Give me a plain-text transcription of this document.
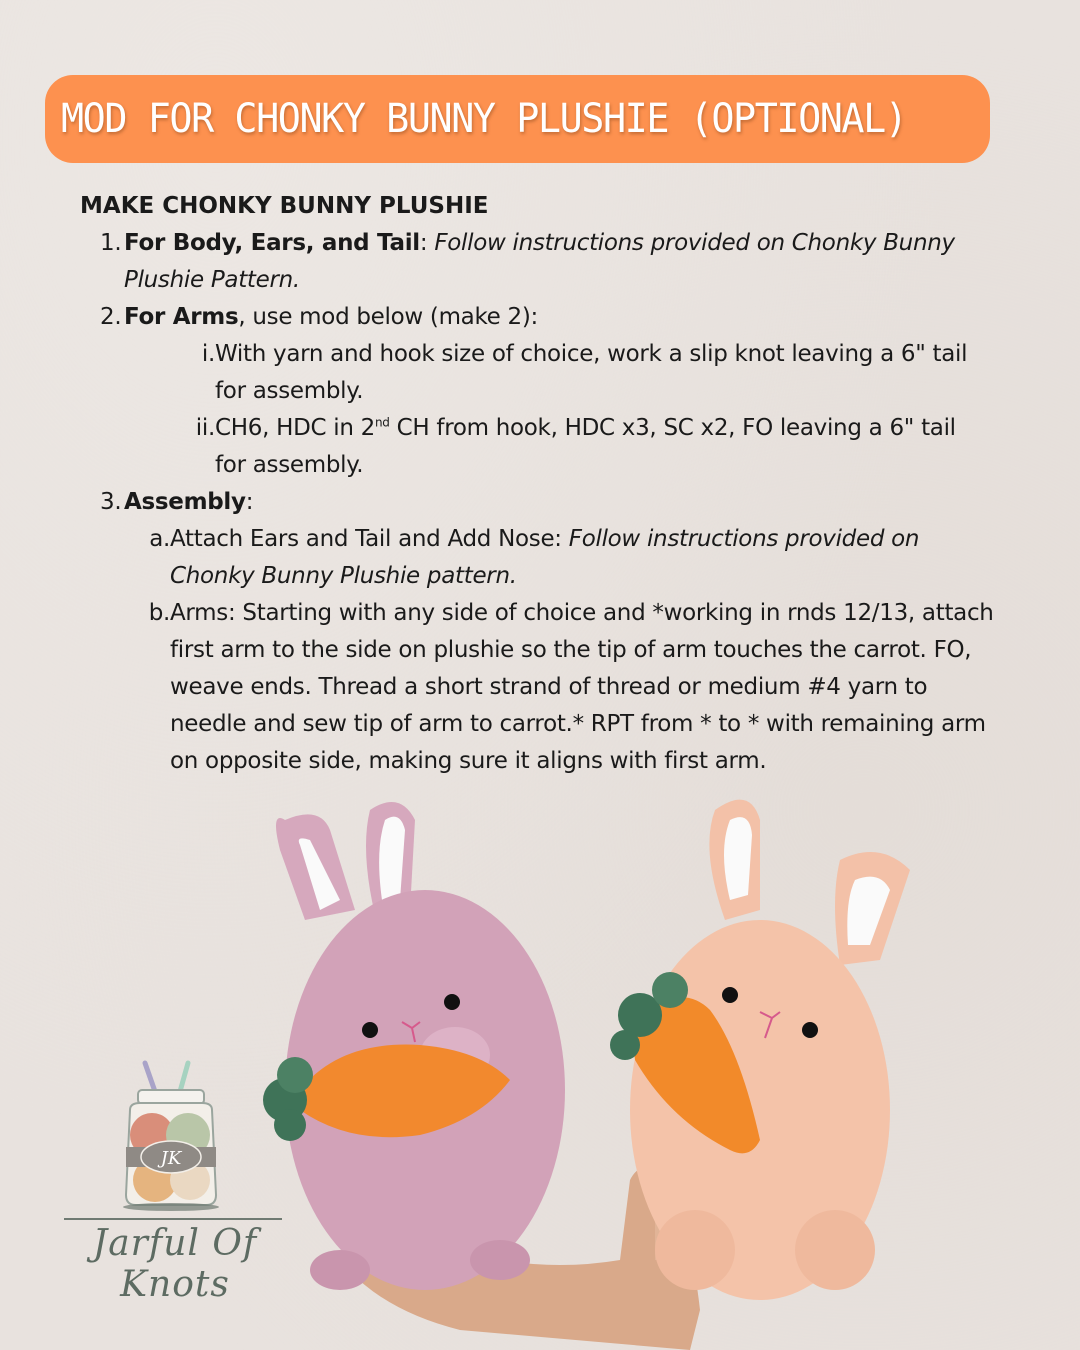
MOD FOR CHONKY BUNNY PLUSHIE (OPTIONAL)
MAKE CHONKY BUNNY PLUSHIE
1. For Body, Ears, and Tail: Follow instructions provided on Chonky Bunny Plushie Pattern.
2. For Arms, use mod below (make 2):
i. With yarn and hook size of choice, work a slip knot leaving a 6" tail for assembly.
ii. CH6, HDC in 2nd CH from hook, HDC x3, SC x2, FO leaving a 6" tail for assembly.
3. Assembly:
a. Attach Ears and Tail and Add Nose: Follow instructions provided on Chonky Bunny Plushie pattern.
b. Arms: Starting with any side of choice and *working in rnds 12/13, attach first arm to the side on plushie so the tip of arm touches the carrot. FO, weave ends. Thread a short strand of thread or medium #4 yarn to needle and sew tip of arm to carrot.* RPT from * to * with remaining arm on opposite side, making sure it aligns with first arm.
JK
Jarful Of Knots
